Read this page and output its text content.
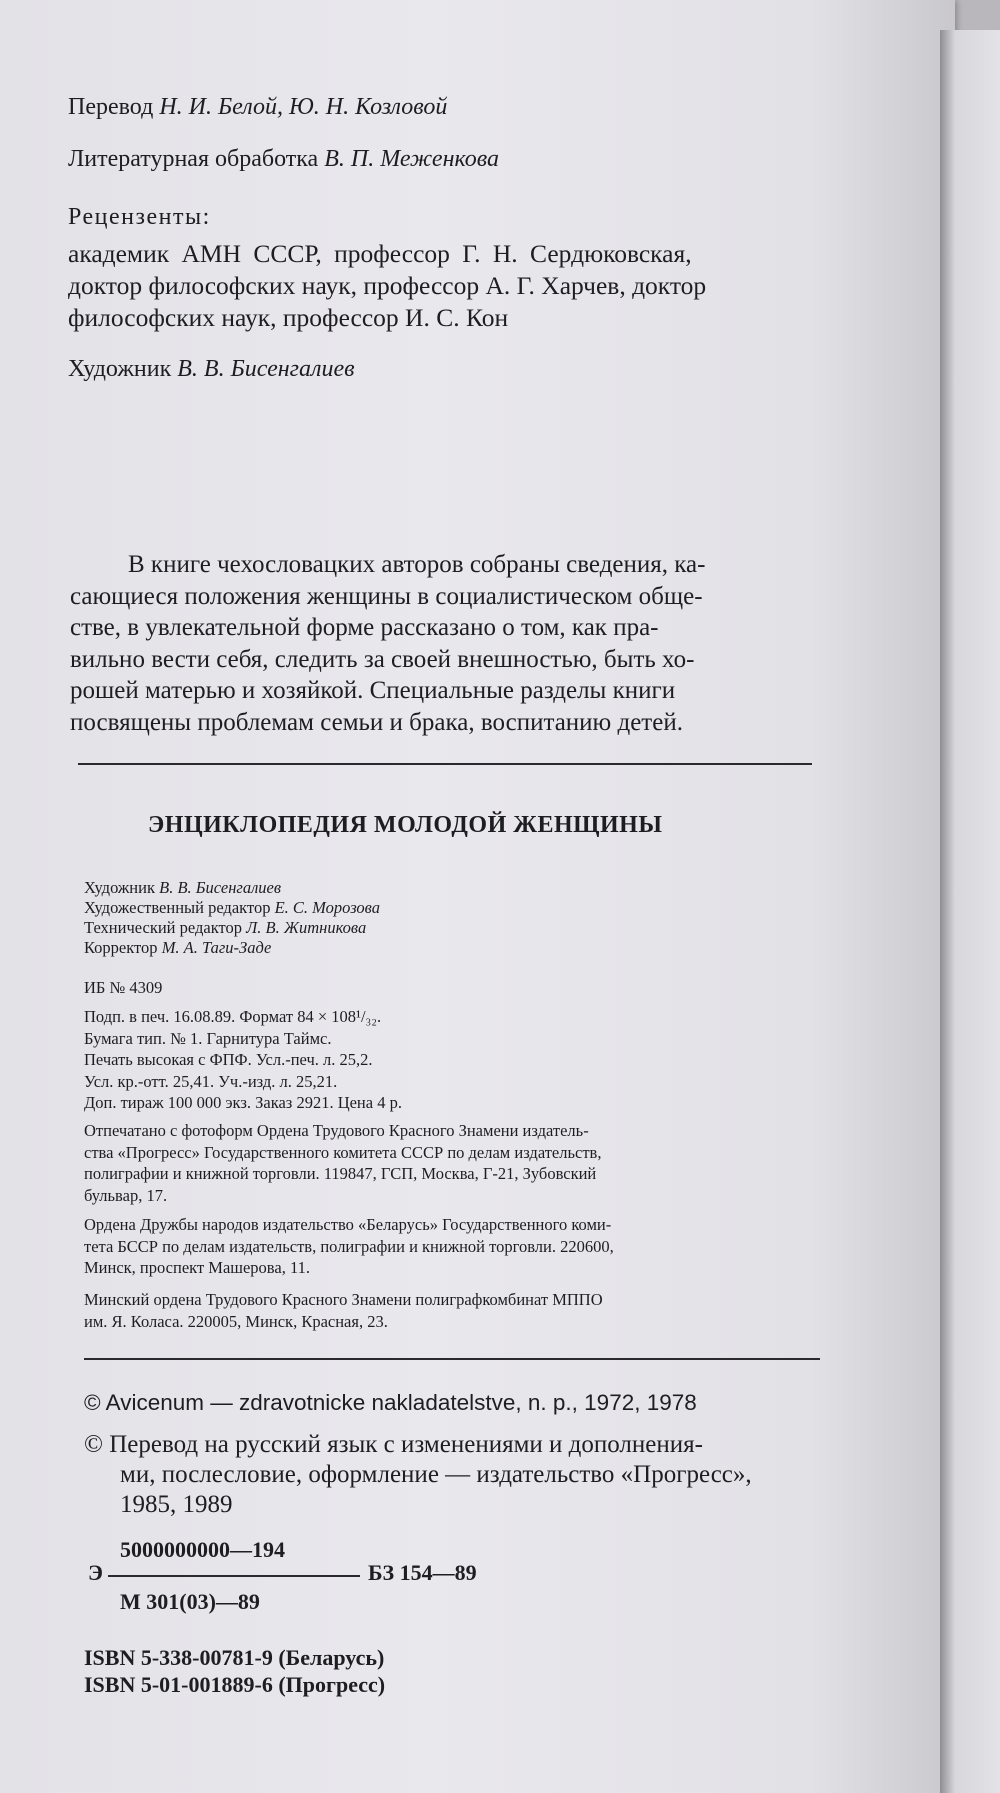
Перевод Н. И. Белой, Ю. Н. Козловой
Литературная обработка В. П. Меженкова
Рецензенты:
академик АМН СССР, профессор Г. Н. Сердюковская,
доктор философских наук, профессор А. Г. Харчев, доктор
философских наук, профессор И. С. Кон
Художник В. В. Бисенгалиев
В книге чехословацких авторов собраны сведения, ка-
сающиеся положения женщины в социалистическом обще-
стве, в увлекательной форме рассказано о том, как пра-
вильно вести себя, следить за своей внешностью, быть хо-
рошей матерью и хозяйкой. Специальные разделы книги
посвящены проблемам семьи и брака, воспитанию детей.
ЭНЦИКЛОПЕДИЯ МОЛОДОЙ ЖЕНЩИНЫ
Художник В. В. Бисенгалиев
Художественный редактор Е. С. Морозова
Технический редактор Л. В. Житникова
Корректор М. А. Таги-Заде
ИБ № 4309
Подп. в печ. 16.08.89. Формат 84 × 108¹/₃₂.
Бумага тип. № 1. Гарнитура Таймс.
Печать высокая с ФПФ. Усл.-печ. л. 25,2.
Усл. кр.-отт. 25,41. Уч.-изд. л. 25,21.
Доп. тираж 100 000 экз. Заказ 2921. Цена 4 р.
Отпечатано с фотоформ Ордена Трудового Красного Знамени издатель-
ства «Прогресс» Государственного комитета СССР по делам издательств,
полиграфии и книжной торговли. 119847, ГСП, Москва, Г-21, Зубовский
бульвар, 17.
Ордена Дружбы народов издательство «Беларусь» Государственного коми-
тета БССР по делам издательств, полиграфии и книжной торговли. 220600,
Минск, проспект Машерова, 11.
Минский ордена Трудового Красного Знамени полиграфкомбинат МППО
им. Я. Коласа. 220005, Минск, Красная, 23.
© Avicenum — zdravotnicke nakladatelstve, n. p., 1972, 1978
© Перевод на русский язык с изменениями и дополнения-
ми, послесловие, оформление — издательство «Прогресс»,
1985, 1989
5000000000—194
Э	БЗ 154—89
М 301(03)—89
ISBN 5-338-00781-9 (Беларусь)
ISBN 5-01-001889-6 (Прогресс)
